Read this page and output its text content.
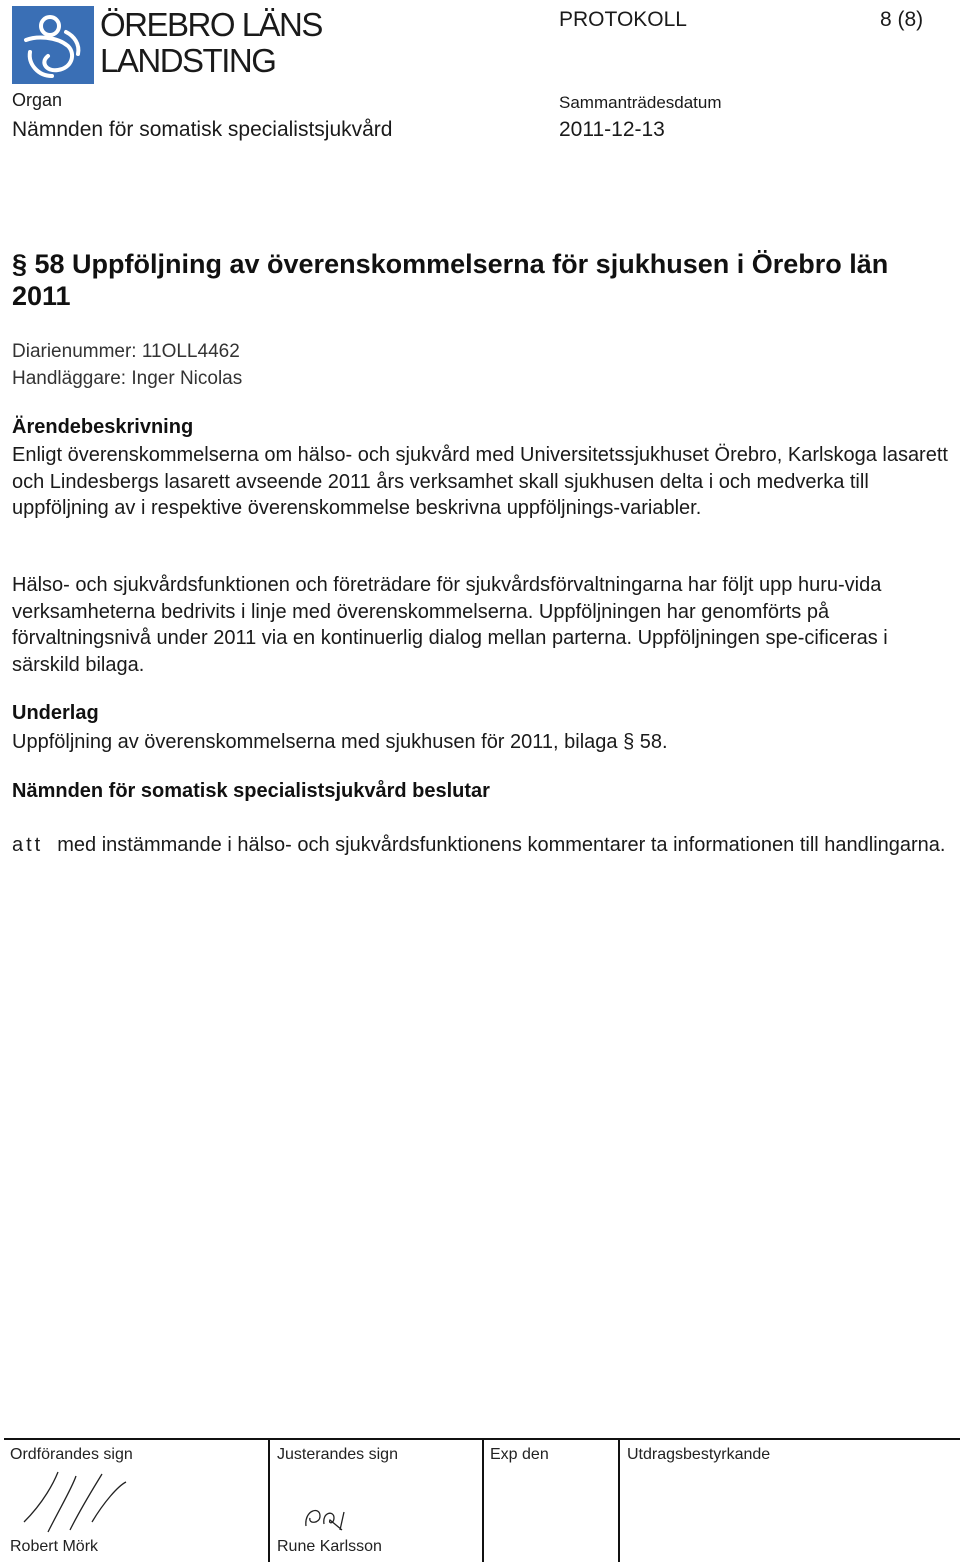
ÖREBRO LÄNS
LANDSTING
PROTOKOLL	8 (8)
Organ
Nämnden för somatisk specialistsjukvård
Sammanträdesdatum
2011-12-13
§ 58 Uppföljning av överenskommelserna för sjukhusen i Örebro län 2011
Diarienummer: 11OLL4462
Handläggare: Inger Nicolas
Ärendebeskrivning
Enligt överenskommelserna om hälso- och sjukvård med Universitetssjukhuset Örebro, Karlskoga lasarett och Lindesbergs lasarett avseende 2011 års verksamhet skall sjukhusen delta i och medverka till uppföljning av i respektive överenskommelse beskrivna uppföljnings-variabler.
Hälso- och sjukvårdsfunktionen och företrädare för sjukvårdsförvaltningarna har följt upp huru-vida verksamheterna bedrivits i linje med överenskommelserna. Uppföljningen har genomförts på förvaltningsnivå under 2011 via en kontinuerlig dialog mellan parterna. Uppföljningen spe-cificeras i särskild bilaga.
Underlag
Uppföljning av överenskommelserna med sjukhusen för 2011, bilaga § 58.
Nämnden för somatisk specialistsjukvård beslutar
att med instämmande i hälso- och sjukvårdsfunktionens kommentarer ta informationen till handlingarna.
Ordförandes sign	Justerandes sign	Exp den	Utdragsbestyrkande
Robert Mörk	Rune Karlsson
